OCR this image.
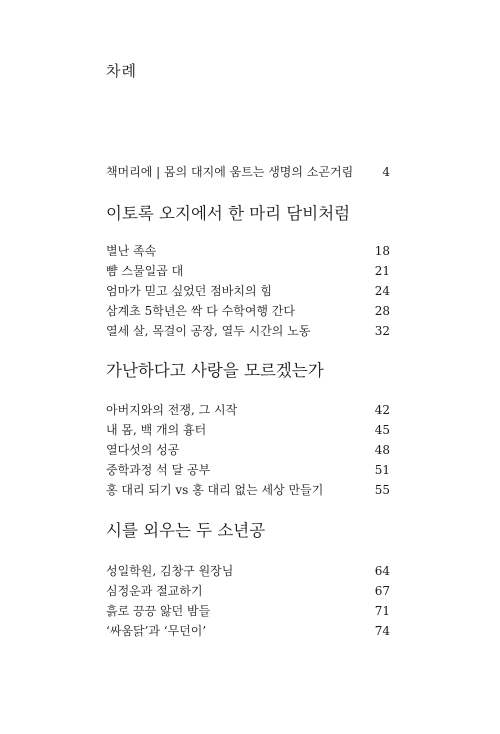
차례
책머리에 | 몸의 대지에 움트는 생명의 소곤거림 4
이토록 오지에서 한 마리 담비처럼
별난 족속	18
뺨 스물일곱 대	21
엄마가 믿고 싶었던 점바치의 힘	24
삼계초 5학년은 싹 다 수학여행 간다	28
열세 살, 목걸이 공장, 열두 시간의 노동	32
가난하다고 사랑을 모르겠는가
아버지와의 전쟁, 그 시작	42
내 몸, 백 개의 흉터	45
열다섯의 성공	48
중학과정 석 달 공부	51
홍 대리 되기 vs 홍 대리 없는 세상 만들기	55
시를 외우는 두 소년공
성일학원, 김창구 원장님	64
심정운과 절교하기	67
흙로 끙끙 앓던 밤들	71
‘싸움닭’과 ‘무던이’	74
